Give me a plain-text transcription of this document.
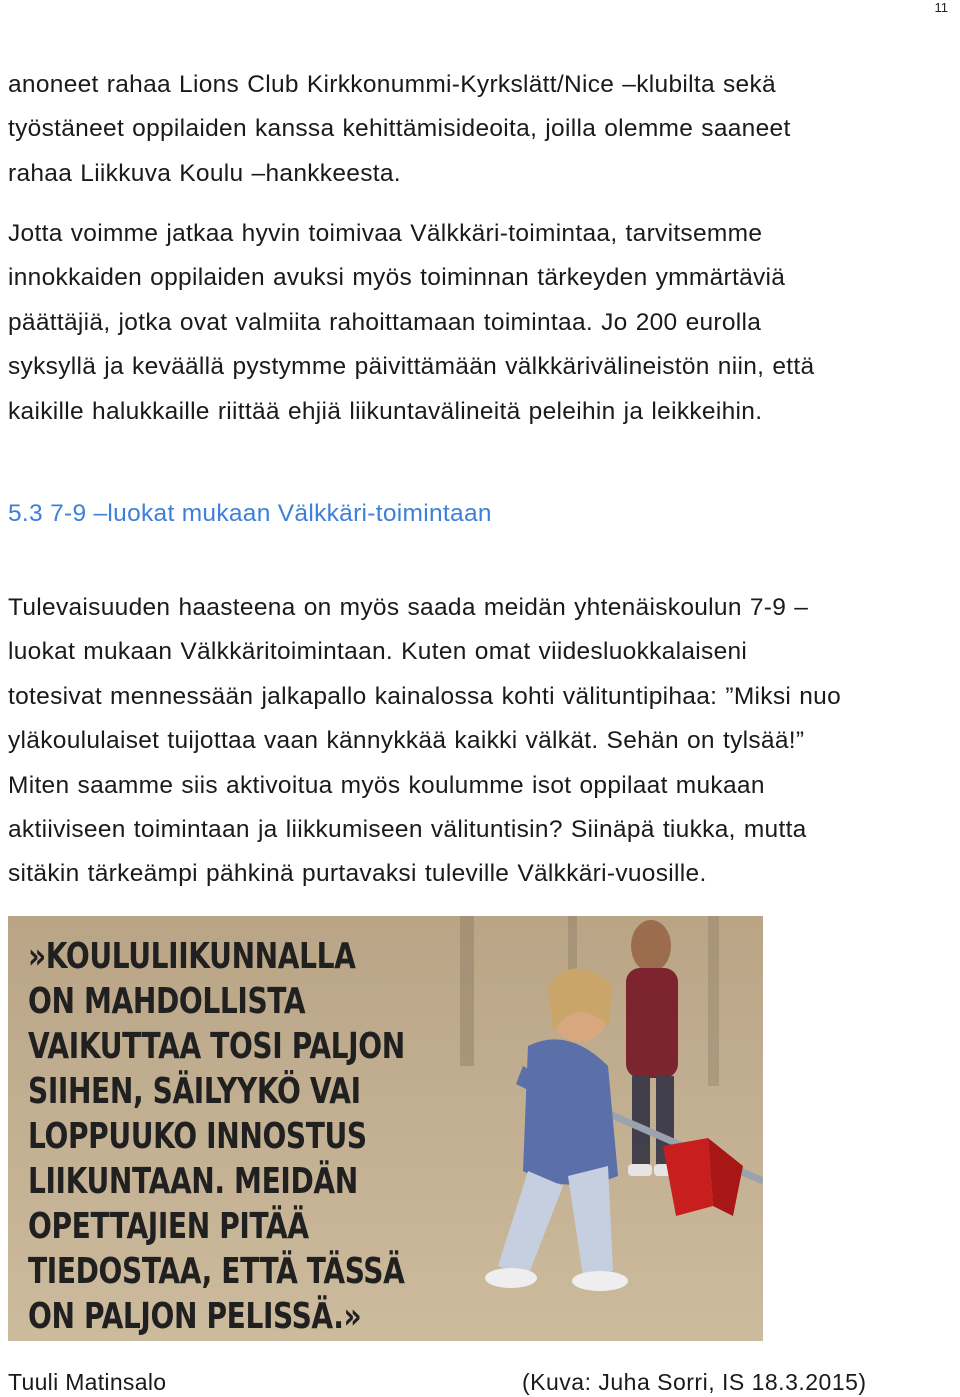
11

anoneet rahaa Lions Club Kirkkonummi-Kyrkslätt/Nice –klubilta sekä
työstäneet oppilaiden kanssa kehittämisideoita, joilla olemme saaneet
rahaa Liikkuva Koulu –hankkeesta.

Jotta voimme jatkaa hyvin toimivaa Välkkäri-toimintaa, tarvitsemme
innokkaiden oppilaiden avuksi myös toiminnan tärkeyden ymmärtäviä
päättäjiä, jotka ovat valmiita rahoittamaan toimintaa. Jo 200 eurolla
syksyllä ja keväällä pystymme päivittämään välkkärivälineistön niin, että
kaikille halukkaille riittää ehjiä liikuntavälineitä peleihin ja leikkeihin.

5.3 7-9 –luokat mukaan Välkkäri-toimintaan

Tulevaisuuden haasteena on myös saada meidän yhtenäiskoulun 7-9 –
luokat mukaan Välkkäritoimintaan. Kuten omat viidesluokkalaiseni
totesivat mennessään jalkapallo kainalossa kohti välituntipihaa: ”Miksi nuo
yläkoululaiset tuijottaa vaan kännykkää kaikki välkät. Sehän on tylsää!”
Miten saamme siis aktivoitua myös koulumme isot oppilaat mukaan
aktiiviseen toimintaan ja liikkumiseen välituntisin? Siinäpä tiukka, mutta
sitäkin tärkeämpi pähkinä purtavaksi tuleville Välkkäri-vuosille.

»KOULULIIKUNNALLA
ON MAHDOLLISTA
VAIKUTTAA TOSI PALJON
SIIHEN, SÄILYYKÖ VAI
LOPPUUKO INNOSTUS
LIIKUNTAAN. MEIDÄN
OPETTAJIEN PITÄÄ
TIEDOSTAA, ETTÄ TÄSSÄ
ON PALJON PELISSÄ.»
Tuuli Matinsalo	(Kuva: Juha Sorri, IS 18.3.2015)
